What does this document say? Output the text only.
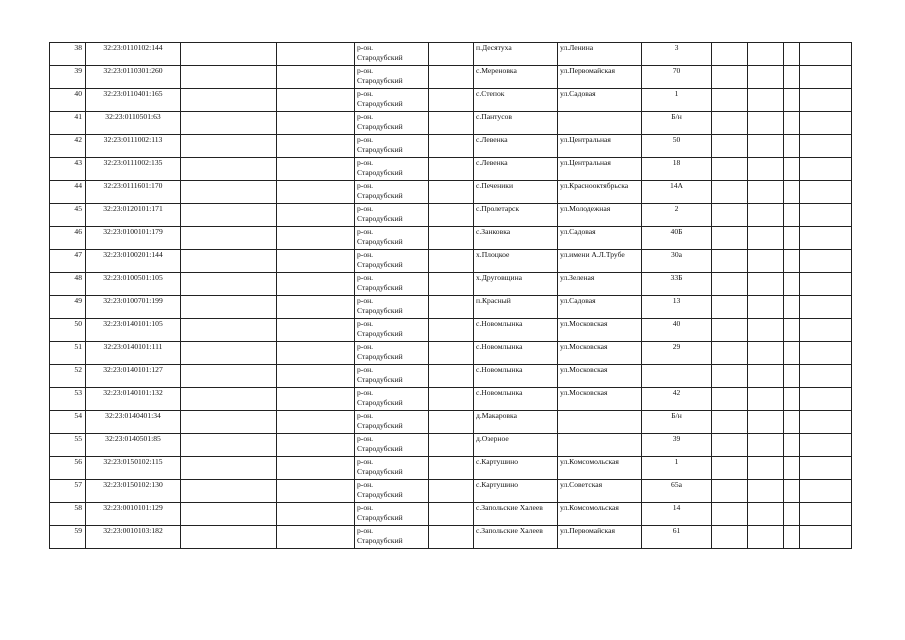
38	32:23:0110102:144			р-он.
Стародубский		п.Десятуха	ул.Ленина	3				
39	32:23:0110301:260			р-он.
Стародубский		с.Мереновка	ул.Первомайская	70				
40	32:23:0110401:165			р-он.
Стародубский		с.Степок	ул.Садовая	1				
41	32:23:0110501:63			р-он.
Стародубский		с.Пантусов		Б/н				
42	32:23:0111002:113			р-он.
Стародубский		с.Левенка	ул.Центральная	50				
43	32:23:0111002:135			р-он.
Стародубский		с.Левенка	ул.Центральная	18				
44	32:23:0111601:170			р-он.
Стародубский		с.Печеники	ул.Краснооктябрьска	14А				
45	32:23:0120101:171			р-он.
Стародубский		с.Пролетарск	ул.Молодежная	2				
46	32:23:0100101:179			р-он.
Стародубский		с.Занковка	ул.Садовая	40Б				
47	32:23:0100201:144			р-он.
Стародубский		х.Плоцкое	ул.имени А.Л.Трубе	30а				
48	32:23:0100501:105			р-он.
Стародубский		х.Друговщина	ул.Зеленая	33Б				
49	32:23:0100701:199			р-он.
Стародубский		п.Красный	ул.Садовая	13				
50	32:23:0140101:105			р-он.
Стародубский		с.Новомлынка	ул.Московская	40				
51	32:23:0140101:111			р-он.
Стародубский		с.Новомлынка	ул.Московская	29				
52	32:23:0140101:127			р-он.
Стародубский		с.Новомлынка	ул.Московская					
53	32:23:0140101:132			р-он.
Стародубский		с.Новомлынка	ул.Московская	42				
54	32:23:0140401:34			р-он.
Стародубский		д.Макаровка		Б/н				
55	32:23:0140501:85			р-он.
Стародубский		д.Озерное		39				
56	32:23:0150102:115			р-он.
Стародубский		с.Картушино	ул.Комсомольская	1				
57	32:23:0150102:130			р-он.
Стародубский		с.Картушино	ул.Советская	65а				
58	32:23:0010101:129			р-он.
Стародубский		с.Запольские Халеев	ул.Комсомольская	14				
59	32:23:0010103:182			р-он.
Стародубский		с.Запольские Халеев	ул.Первомайская	61				
